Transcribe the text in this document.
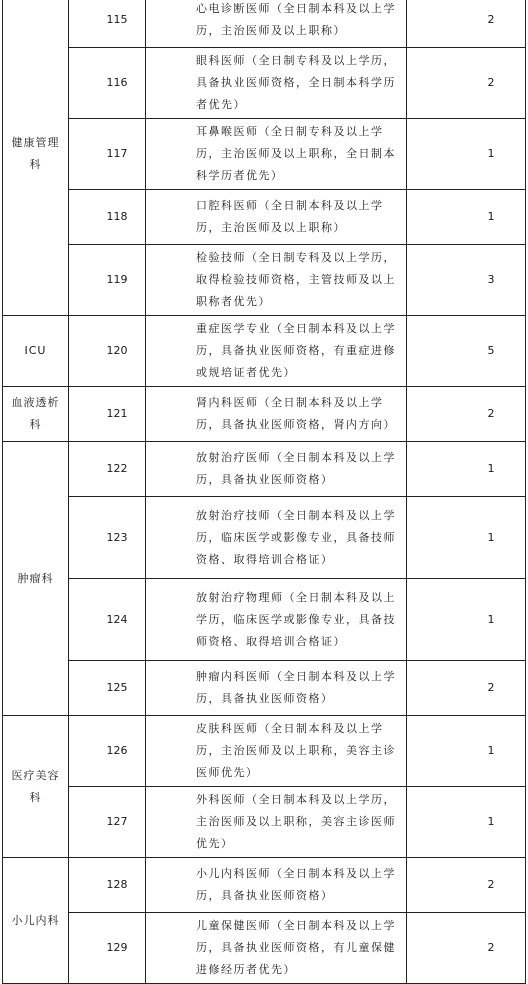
健康管理科	115	心电诊断医师（全日制本科及以上学历，主治医师及以上职称）	2
	116	眼科医师（全日制专科及以上学历，具备执业医师资格，全日制本科学历者优先）	2
	117	耳鼻喉医师（全日制专科及以上学历，主治医师及以上职称，全日制本科学历者优先）	1
	118	口腔科医师（全日制本科及以上学历，主治医师及以上职称）	1
	119	检验技师（全日制专科及以上学历，取得检验技师资格，主管技师及以上职称者优先）	3
ICU	120	重症医学专业（全日制本科及以上学历，具备执业医师资格，有重症进修或规培证者优先）	5
血液透析科	121	肾内科医师（全日制本科及以上学历，具备执业医师资格，肾内方向）	2
肿瘤科	122	放射治疗医师（全日制本科及以上学历，具备执业医师资格）	1
	123	放射治疗技师（全日制本科及以上学历，临床医学或影像专业，具备技师资格、取得培训合格证）	1
	124	放射治疗物理师（全日制本科及以上学历，临床医学或影像专业，具备技师资格、取得培训合格证）	1
	125	肿瘤内科医师（全日制本科及以上学历，具备执业医师资格）	2
医疗美容科	126	皮肤科医师（全日制本科及以上学历，主治医师及以上职称，美容主诊医师优先）	1
	127	外科医师（全日制本科及以上学历，主治医师及以上职称，美容主诊医师优先）	1
小儿内科	128	小儿内科医师（全日制本科及以上学历，具备执业医师资格）	2
	129	儿童保健医师（全日制本科及以上学历，具备执业医师资格，有儿童保健进修经历者优先）	2
